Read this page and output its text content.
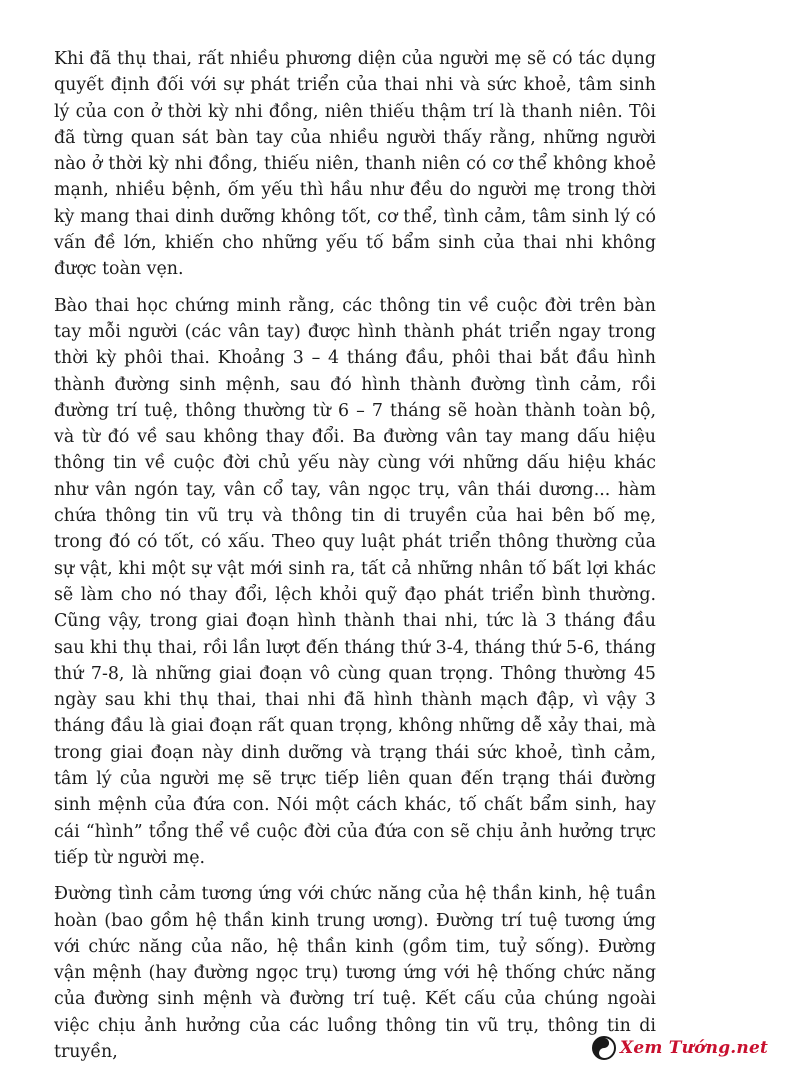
Khi đã thụ thai, rất nhiều phương diện của người mẹ sẽ có tác dụng quyết định đối với sự phát triển của thai nhi và sức khoẻ, tâm sinh lý của con ở thời kỳ nhi đồng, niên thiếu thậm trí là thanh niên. Tôi đã từng quan sát bàn tay của nhiều người thấy rằng, những người nào ở thời kỳ nhi đồng, thiếu niên, thanh niên có cơ thể không khoẻ mạnh, nhiều bệnh, ốm yếu thì hầu như đều do người mẹ trong thời kỳ mang thai dinh dưỡng không tốt, cơ thể, tình cảm, tâm sinh lý có vấn đề lớn, khiến cho những yếu tố bẩm sinh của thai nhi không được toàn vẹn.

Bào thai học chứng minh rằng, các thông tin về cuộc đời trên bàn tay mỗi người (các vân tay) được hình thành phát triển ngay trong thời kỳ phôi thai. Khoảng 3 – 4 tháng đầu, phôi thai bắt đầu hình thành đường sinh mệnh, sau đó hình thành đường tình cảm, rồi đường trí tuệ, thông thường từ 6 – 7 tháng sẽ hoàn thành toàn bộ, và từ đó về sau không thay đổi. Ba đường vân tay mang dấu hiệu thông tin về cuộc đời chủ yếu này cùng với những dấu hiệu khác như vân ngón tay, vân cổ tay, vân ngọc trụ, vân thái dương... hàm chứa thông tin vũ trụ và thông tin di truyền của hai bên bố mẹ, trong đó có tốt, có xấu. Theo quy luật phát triển thông thường của sự vật, khi một sự vật mới sinh ra, tất cả những nhân tố bất lợi khác sẽ làm cho nó thay đổi, lệch khỏi quỹ đạo phát triển bình thường. Cũng vậy, trong giai đoạn hình thành thai nhi, tức là 3 tháng đầu sau khi thụ thai, rồi lần lượt đến tháng thứ 3-4, tháng thứ 5-6, tháng thứ 7-8, là những giai đoạn vô cùng quan trọng. Thông thường 45 ngày sau khi thụ thai, thai nhi đã hình thành mạch đập, vì vậy 3 tháng đầu là giai đoạn rất quan trọng, không những dễ xảy thai, mà trong giai đoạn này dinh dưỡng và trạng thái sức khoẻ, tình cảm, tâm lý của người mẹ sẽ trực tiếp liên quan đến trạng thái đường sinh mệnh của đứa con. Nói một cách khác, tố chất bẩm sinh, hay cái “hình” tổng thể về cuộc đời của đứa con sẽ chịu ảnh hưởng trực tiếp từ người mẹ.

Đường tình cảm tương ứng với chức năng của hệ thần kinh, hệ tuần hoàn (bao gồm hệ thần kinh trung ương). Đường trí tuệ tương ứng với chức năng của não, hệ thần kinh (gồm tim, tuỷ sống). Đường vận mệnh (hay đường ngọc trụ) tương ứng với hệ thống chức năng của đường sinh mệnh và đường trí tuệ. Kết cấu của chúng ngoài việc chịu ảnh hưởng của các luồng thông tin vũ trụ, thông tin di truyền,	Xem Tướng.net
